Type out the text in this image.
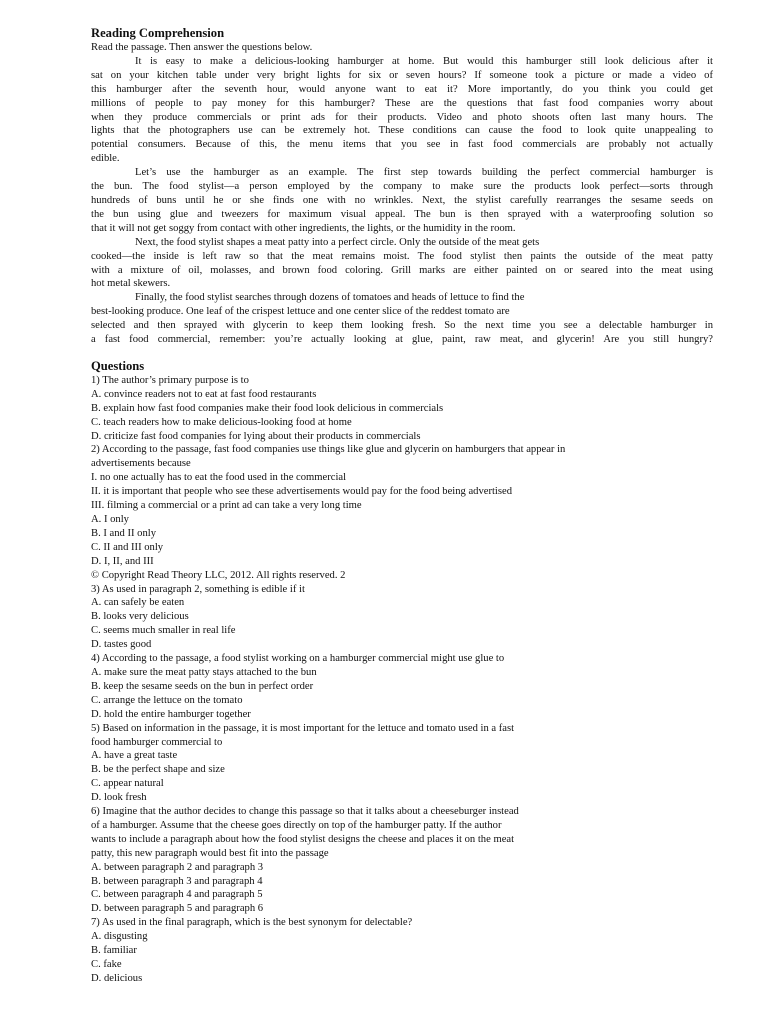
Reading Comprehension
Read the passage. Then answer the questions below.
It is easy to make a delicious-looking hamburger at home. But would this hamburger still look delicious after it
sat on your kitchen table under very bright lights for six or seven hours? If someone took a picture or made a video of
this hamburger after the seventh hour, would anyone want to eat it? More importantly, do you think you could get
millions of people to pay money for this hamburger? These are the questions that fast food companies worry about
when they produce commercials or print ads for their products. Video and photo shoots often last many hours. The
lights that the photographers use can be extremely hot. These conditions can cause the food to look quite unappealing to
potential consumers. Because of this, the menu items that you see in fast food commercials are probably not actually
edible.
Let’s use the hamburger as an example. The first step towards building the perfect commercial hamburger is
the bun. The food stylist—a person employed by the company to make sure the products look perfect—sorts through
hundreds of buns until he or she finds one with no wrinkles. Next, the stylist carefully rearranges the sesame seeds on
the bun using glue and tweezers for maximum visual appeal. The bun is then sprayed with a waterproofing solution so
that it will not get soggy from contact with other ingredients, the lights, or the humidity in the room.
Next, the food stylist shapes a meat patty into a perfect circle. Only the outside of the meat gets
cooked—the inside is left raw so that the meat remains moist. The food stylist then paints the outside of the meat patty
with a mixture of oil, molasses, and brown food coloring. Grill marks are either painted on or seared into the meat using
hot metal skewers.
Finally, the food stylist searches through dozens of tomatoes and heads of lettuce to find the
best-looking produce. One leaf of the crispest lettuce and one center slice of the reddest tomato are
selected and then sprayed with glycerin to keep them looking fresh. So the next time you see a delectable hamburger in
a fast food commercial, remember: you’re actually looking at glue, paint, raw meat, and glycerin! Are you still hungry?
Questions
1) The author’s primary purpose is to
A. convince readers not to eat at fast food restaurants
B. explain how fast food companies make their food look delicious in commercials
C. teach readers how to make delicious-looking food at home
D. criticize fast food companies for lying about their products in commercials
2) According to the passage, fast food companies use things like glue and glycerin on hamburgers that appear in
advertisements because
I. no one actually has to eat the food used in the commercial
II. it is important that people who see these advertisements would pay for the food being advertised
III. filming a commercial or a print ad can take a very long time
A. I only
B. I and II only
C. II and III only
D. I, II, and III
© Copyright Read Theory LLC, 2012. All rights reserved. 2
3) As used in paragraph 2, something is edible if it
A. can safely be eaten
B. looks very delicious
C. seems much smaller in real life
D. tastes good
4) According to the passage, a food stylist working on a hamburger commercial might use glue to
A. make sure the meat patty stays attached to the bun
B. keep the sesame seeds on the bun in perfect order
C. arrange the lettuce on the tomato
D. hold the entire hamburger together
5) Based on information in the passage, it is most important for the lettuce and tomato used in a fast
food hamburger commercial to
A. have a great taste
B. be the perfect shape and size
C. appear natural
D. look fresh
6) Imagine that the author decides to change this passage so that it talks about a cheeseburger instead
of a hamburger. Assume that the cheese goes directly on top of the hamburger patty. If the author
wants to include a paragraph about how the food stylist designs the cheese and places it on the meat
patty, this new paragraph would best fit into the passage
A. between paragraph 2 and paragraph 3
B. between paragraph 3 and paragraph 4
C. between paragraph 4 and paragraph 5
D. between paragraph 5 and paragraph 6
7) As used in the final paragraph, which is the best synonym for delectable?
A. disgusting
B. familiar
C. fake
D. delicious
